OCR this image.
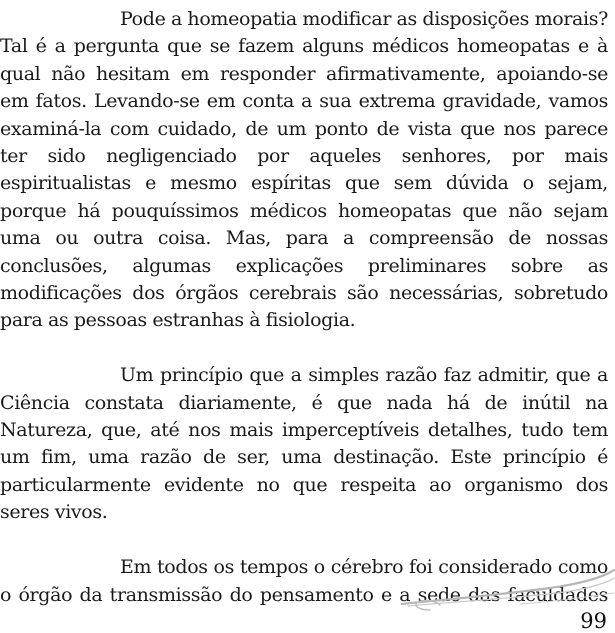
Pode a homeopatia modificar as disposições morais? Tal é a pergunta que se fazem alguns médicos homeopatas e à qual não hesitam em responder afirmativamente, apoiando-se em fatos. Levando-se em conta a sua extrema gravidade, vamos examiná-la com cuidado, de um ponto de vista que nos parece ter sido negligenciado por aqueles senhores, por mais espiritualistas e mesmo espíritas que sem dúvida o sejam, porque há pouquíssimos médicos homeopatas que não sejam uma ou outra coisa. Mas, para a compreensão de nossas conclusões, algumas explicações preliminares sobre as modificações dos órgãos cerebrais são necessárias, sobretudo para as pessoas estranhas à fisiologia.

Um princípio que a simples razão faz admitir, que a Ciência constata diariamente, é que nada há de inútil na Natureza, que, até nos mais imperceptíveis detalhes, tudo tem um fim, uma razão de ser, uma destinação. Este princípio é particularmente evidente no que respeita ao organismo dos seres vivos.

Em todos os tempos o cérebro foi considerado como o órgão da transmissão do pensamento e a sede das faculdades

99
